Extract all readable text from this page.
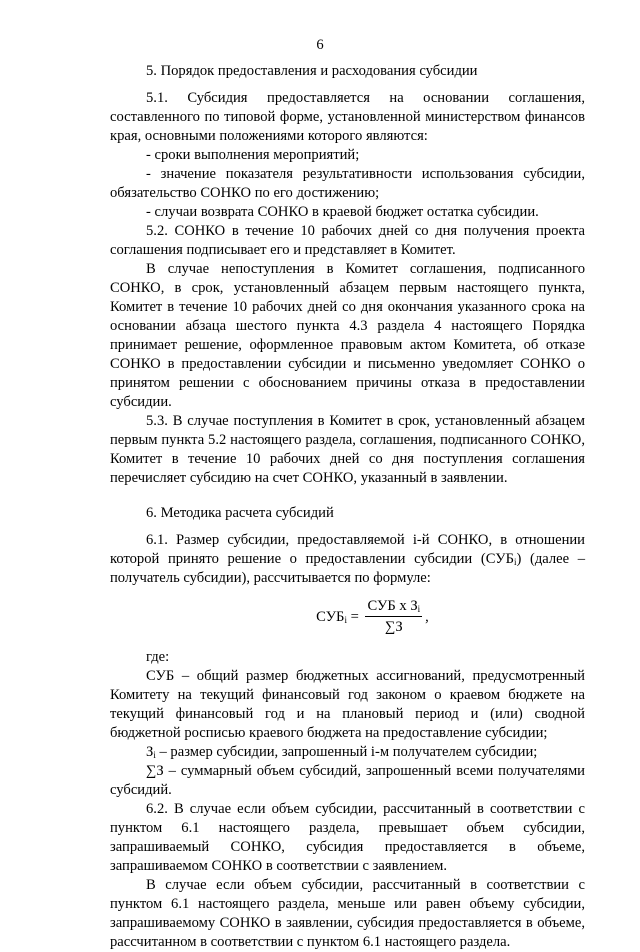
6

5. Порядок предоставления и расходования субсидии

5.1. Субсидия предоставляется на основании соглашения, составленного по типовой форме, установленной министерством финансов края, основными положениями которого являются:

- сроки выполнения мероприятий;

- значение показателя результативности использования субсидии, обязательство СОНКО по его достижению;

- случаи возврата СОНКО в краевой бюджет остатка субсидии.

5.2. СОНКО в течение 10 рабочих дней со дня получения проекта соглашения подписывает его и представляет в Комитет.

В случае непоступления в Комитет соглашения, подписанного СОНКО, в срок, установленный абзацем первым настоящего пункта, Комитет в течение 10 рабочих дней со дня окончания указанного срока на основании абзаца шестого пункта 4.3 раздела 4 настоящего Порядка принимает решение, оформленное правовым актом Комитета, об отказе СОНКО в предоставлении субсидии и письменно уведомляет СОНКО о принятом решении с обоснованием причины отказа в предоставлении субсидии.

5.3. В случае поступления в Комитет в срок, установленный абзацем первым пункта 5.2 настоящего раздела, соглашения, подписанного СОНКО, Комитет в течение 10 рабочих дней со дня поступления соглашения перечисляет субсидию на счет СОНКО, указанный в заявлении.

6. Методика расчета субсидий

6.1. Размер субсидии, предоставляемой i-й СОНКО, в отношении которой принято решение о предоставлении субсидии $(СУБ_i)$ (далее – получатель субсидии), рассчитывается по формуле:

$СУБ_i = \frac{СУБ x З_i}{\sum З}$ ,

где:

СУБ – общий размер бюджетных ассигнований, предусмотренный Комитету на текущий финансовый год законом о краевом бюджете на текущий финансовый год и на плановый период и (или) сводной бюджетной росписью краевого бюджета на предоставление субсидии;

$З_i$ – размер субсидии, запрошенный i-м получателем субсидии;

∑З – суммарный объем субсидий, запрошенный всеми получателями субсидий.

6.2. В случае если объем субсидии, рассчитанный в соответствии с пунктом 6.1 настоящего раздела, превышает объем субсидии, запрашиваемый СОНКО, субсидия предоставляется в объеме, запрашиваемом СОНКО в соответствии с заявлением.

В случае если объем субсидии, рассчитанный в соответствии с пунктом 6.1 настоящего раздела, меньше или равен объему субсидии, запрашиваемому СОНКО в заявлении, субсидия предоставляется в объеме, рассчитанном в соответствии с пунктом 6.1 настоящего раздела.
